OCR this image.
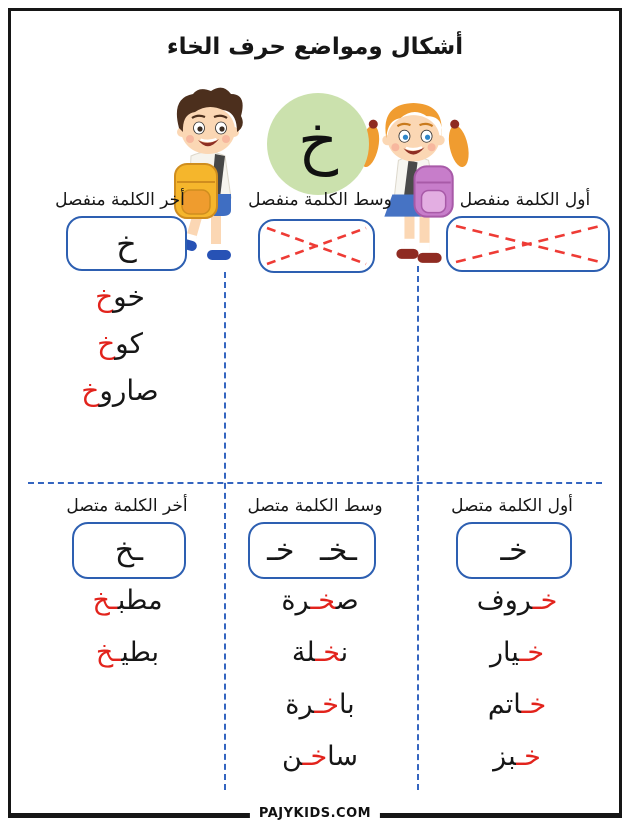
أشكال ومواضع حرف الخاء
خ
أول الكلمة منفصل
وسط الكلمة منفصل
أخر الكلمة منفصل
خ
خوخ
كوخ
صاروخ
أول الكلمة متصل
وسط الكلمة متصل
أخر الكلمة متصل
خـ
ـخـ خـ
ـخ
خـروف
خـيار
خـاتم
خـبز
صخـرة
نخـلة
باخـرة
ساخـن
مطبـخ
بطيـخ
PAJYKIDS.COM
